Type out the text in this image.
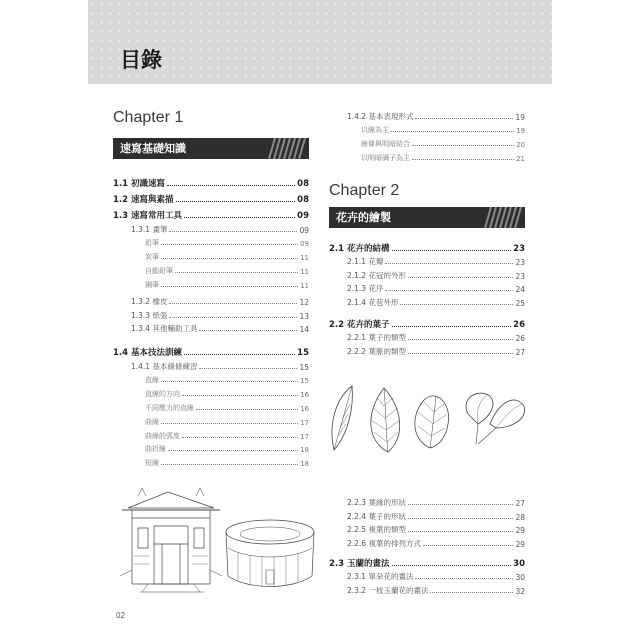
目錄
Chapter 1
速寫基礎知識
1.1 初識速寫	08
1.2 速寫與素描	08
1.3 速寫常用工具	09
1.3.1 畫筆	09
鉛筆	09
炭筆	11
自動鉛筆	11
鋼筆	11
1.3.2 橡皮	12
1.3.3 紙張	13
1.3.4 其他輔助工具	14
1.4 基本技法訓練	15
1.4.1 基本線條練習	15
直線	15
直線的方向	16
不同壓力的直線	16
曲線	17
曲線的弧度	17
曲折線	18
短線	18
1.4.2 基本表現形式	19
以線為主	19
線條與明暗結合	20
以明暗調子為主	21
Chapter 2
花卉的繪製
2.1 花卉的結構	23
2.1.1 花瓣	23
2.1.2 花冠的外形	23
2.1.3 花序	24
2.1.4 花苞外形	25
2.2 花卉的葉子	26
2.2.1 葉子的類型	26
2.2.2 葉脈的類型	27
2.2.3 葉緣的形狀	27
2.2.4 葉子的形狀	28
2.2.5 複葉的類型	29
2.2.6 複葉的排列方式	29
2.3 玉蘭的畫法	30
2.3.1 單朵花的畫法	30
2.3.2 一枝玉蘭花的畫法	32
02
